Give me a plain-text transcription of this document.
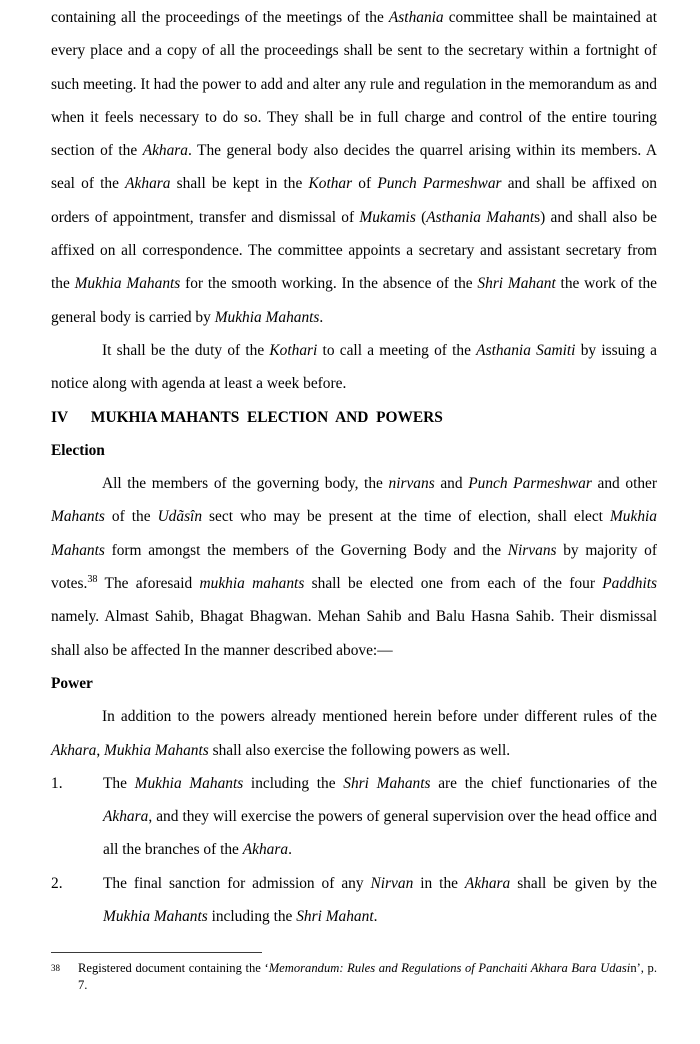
containing all the proceedings of the meetings of the Asthania committee shall be maintained at every place and a copy of all the proceedings shall be sent to the secretary within a fortnight of such meeting. It had the power to add and alter any rule and regulation in the memorandum as and when it feels necessary to do so. They shall be in full charge and control of the entire touring section of the Akhara. The general body also decides the quarrel arising within its members. A seal of the Akhara shall be kept in the Kothar of Punch Parmeshwar and shall be affixed on orders of appointment, transfer and dismissal of Mukamis (Asthania Mahants) and shall also be affixed on all correspondence. The committee appoints a secretary and assistant secretary from the Mukhia Mahants for the smooth working. In the absence of the Shri Mahant the work of the general body is carried by Mukhia Mahants.

It shall be the duty of the Kothari to call a meeting of the Asthania Samiti by issuing a notice along with agenda at least a week before.

IV MUKHIA MAHANTS  ELECTION  AND  POWERS
Election

All the members of the governing body, the nirvans and Punch Parmeshwar and other Mahants of the Udãsîn sect who may be present at the time of election, shall elect Mukhia Mahants form amongst the members of the Governing Body and the Nirvans by majority of votes.$^{38}$ The aforesaid mukhia mahants shall be elected one from each of the four Paddhits namely. Almast Sahib, Bhagat Bhagwan. Mehan Sahib and Balu Hasna Sahib. Their dismissal shall also be affected In the manner described above:—

Power

In addition to the powers already mentioned herein before under different rules of the Akhara, Mukhia Mahants shall also exercise the following powers as well.

1.	The Mukhia Mahants including the Shri Mahants are the chief functionaries of the Akhara, and they will exercise the powers of general supervision over the head office and all the branches of the Akhara.
2.	The final sanction for admission of any Nirvan in the Akhara shall be given by the Mukhia Mahants including the Shri Mahant.
38 Registered document containing the ‘Memorandum: Rules and Regulations of Panchaiti Akhara Bara Udasin’, p. 7.
